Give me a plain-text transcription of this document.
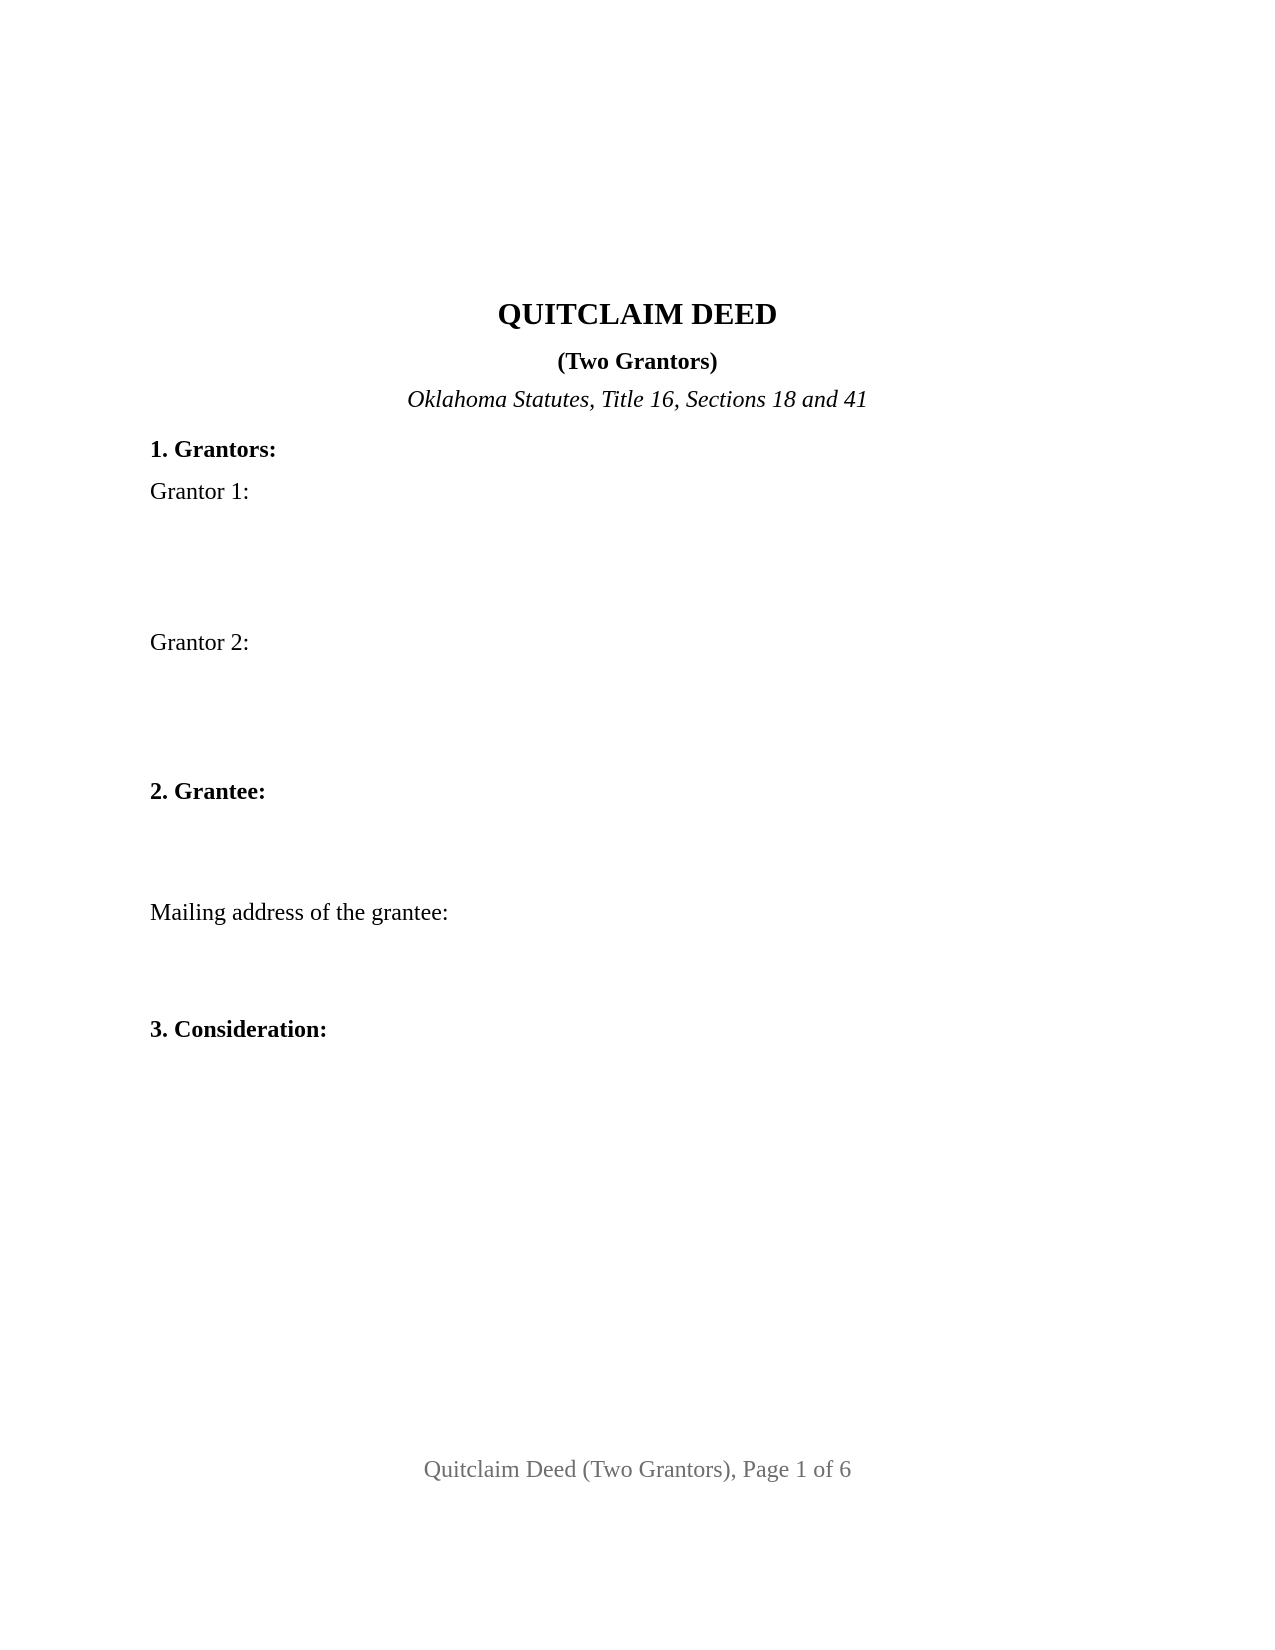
QUITCLAIM DEED
(Two Grantors)
Oklahoma Statutes, Title 16, Sections 18 and 41
1. Grantors:
Grantor 1:
Grantor 2:
2. Grantee:
Mailing address of the grantee:
3. Consideration:
Quitclaim Deed (Two Grantors), Page 1 of 6
